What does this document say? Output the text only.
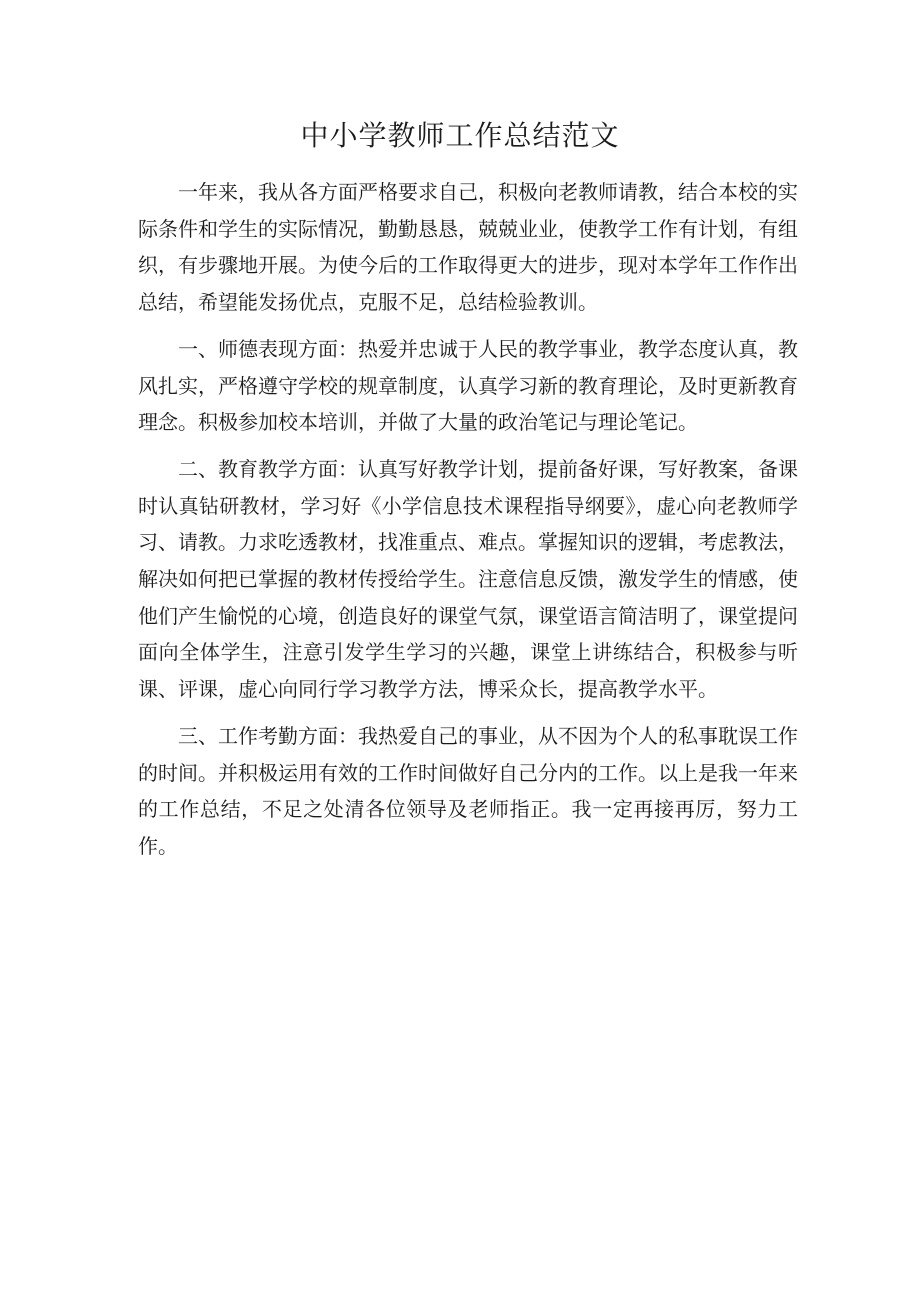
中小学教师工作总结范文

一年来，我从各方面严格要求自己，积极向老教师请教，结合本校的实际条件和学生的实际情况，勤勤恳恳，兢兢业业，使教学工作有计划，有组织，有步骤地开展。为使今后的工作取得更大的进步，现对本学年工作作出总结，希望能发扬优点，克服不足，总结检验教训。

一、师德表现方面：热爱并忠诚于人民的教学事业，教学态度认真，教风扎实，严格遵守学校的规章制度，认真学习新的教育理论，及时更新教育理念。积极参加校本培训，并做了大量的政治笔记与理论笔记。

二、教育教学方面：认真写好教学计划，提前备好课，写好教案，备课时认真钻研教材，学习好《小学信息技术课程指导纲要》，虚心向老教师学习、请教。力求吃透教材，找准重点、难点。掌握知识的逻辑，考虑教法，解决如何把已掌握的教材传授给学生。注意信息反馈，激发学生的情感，使他们产生愉悦的心境，创造良好的课堂气氛，课堂语言简洁明了，课堂提问面向全体学生，注意引发学生学习的兴趣，课堂上讲练结合，积极参与听课、评课，虚心向同行学习教学方法，博采众长，提高教学水平。

三、工作考勤方面：我热爱自己的事业，从不因为个人的私事耽误工作的时间。并积极运用有效的工作时间做好自己分内的工作。以上是我一年来的工作总结，不足之处清各位领导及老师指正。我一定再接再厉，努力工作。
